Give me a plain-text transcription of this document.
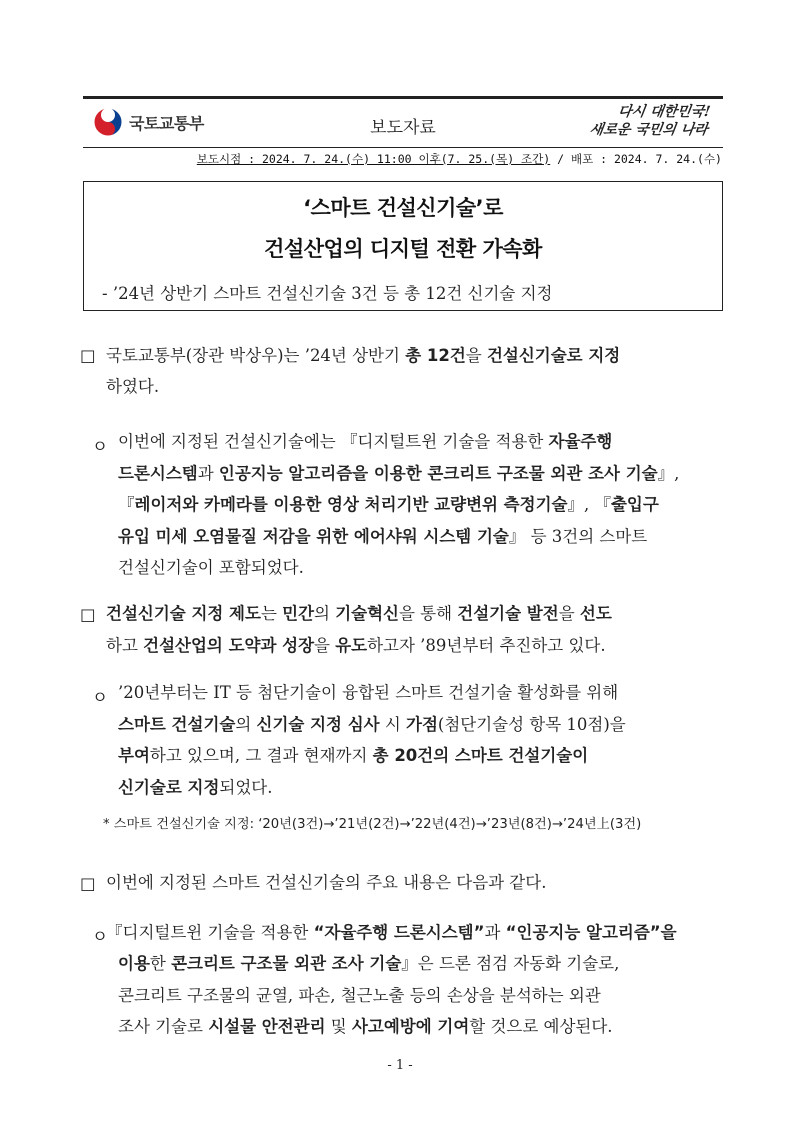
국토교통부	보도자료
다시 대한민국!
새로운 국민의 나라
보도시점 : 2024. 7. 24.(수) 11:00 이후(7. 25.(목) 조간) / 배포 : 2024. 7. 24.(수)
‘스마트 건설신기술’로
건설산업의 디지털 전환 가속화
- ’24년 상반기 스마트 건설신기술 3건 등 총 12건 신기술 지정
□ 국토교통부(장관 박상우)는 ’24년 상반기 총 12건을 건설신기술로 지정
하였다.
ㅇ 이번에 지정된 건설신기술에는 『디지털트윈 기술을 적용한 자율주행
드론시스템과 인공지능 알고리즘을 이용한 콘크리트 구조물 외관 조사 기술』,
『레이저와 카메라를 이용한 영상 처리기반 교량변위 측정기술』, 『출입구
유입 미세 오염물질 저감을 위한 에어샤워 시스템 기술』 등 3건의 스마트
건설신기술이 포함되었다.
□ 건설신기술 지정 제도는 민간의 기술혁신을 통해 건설기술 발전을 선도
하고 건설산업의 도약과 성장을 유도하고자 ’89년부터 추진하고 있다.
ㅇ ’20년부터는 IT 등 첨단기술이 융합된 스마트 건설기술 활성화를 위해
스마트 건설기술의 신기술 지정 심사 시 가점(첨단기술성 항목 10점)을
부여하고 있으며, 그 결과 현재까지 총 20건의 스마트 건설기술이
신기술로 지정되었다.
* 스마트 건설신기술 지정: ‘20년(3건)→’21년(2건)→’22년(4건)→’23년(8건)→’24년上(3건)
□ 이번에 지정된 스마트 건설신기술의 주요 내용은 다음과 같다.
ㅇ
『디지털트윈 기술을 적용한 “자율주행 드론시스템”과 “인공지능 알고리즘”을
이용한 콘크리트 구조물 외관 조사 기술』은 드론 점검 자동화 기술로,
콘크리트 구조물의 균열, 파손, 철근노출 등의 손상을 분석하는 외관
조사 기술로 시설물 안전관리 및 사고예방에 기여할 것으로 예상된다.
- 1 -
